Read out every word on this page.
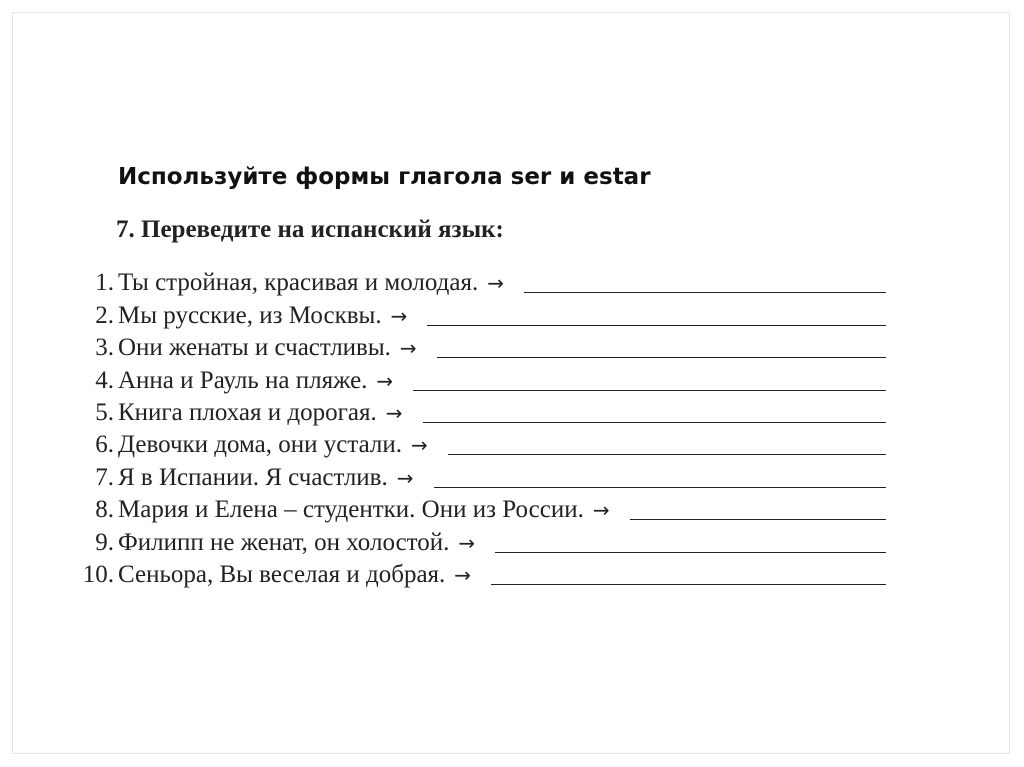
Используйте формы глагола ser и estar
7. Переведите на испанский язык:
1. Ты стройная, красивая и молодая. →
2. Мы русские, из Москвы. →
3. Они женаты и счастливы. →
4. Анна и Рауль на пляже. →
5. Книга плохая и дорогая. →
6. Девочки дома, они устали. →
7. Я в Испании. Я счастлив. →
8. Мария и Елена – студентки. Они из России. →
9. Филипп не женат, он холостой. →
10. Сеньора, Вы веселая и добрая. →
